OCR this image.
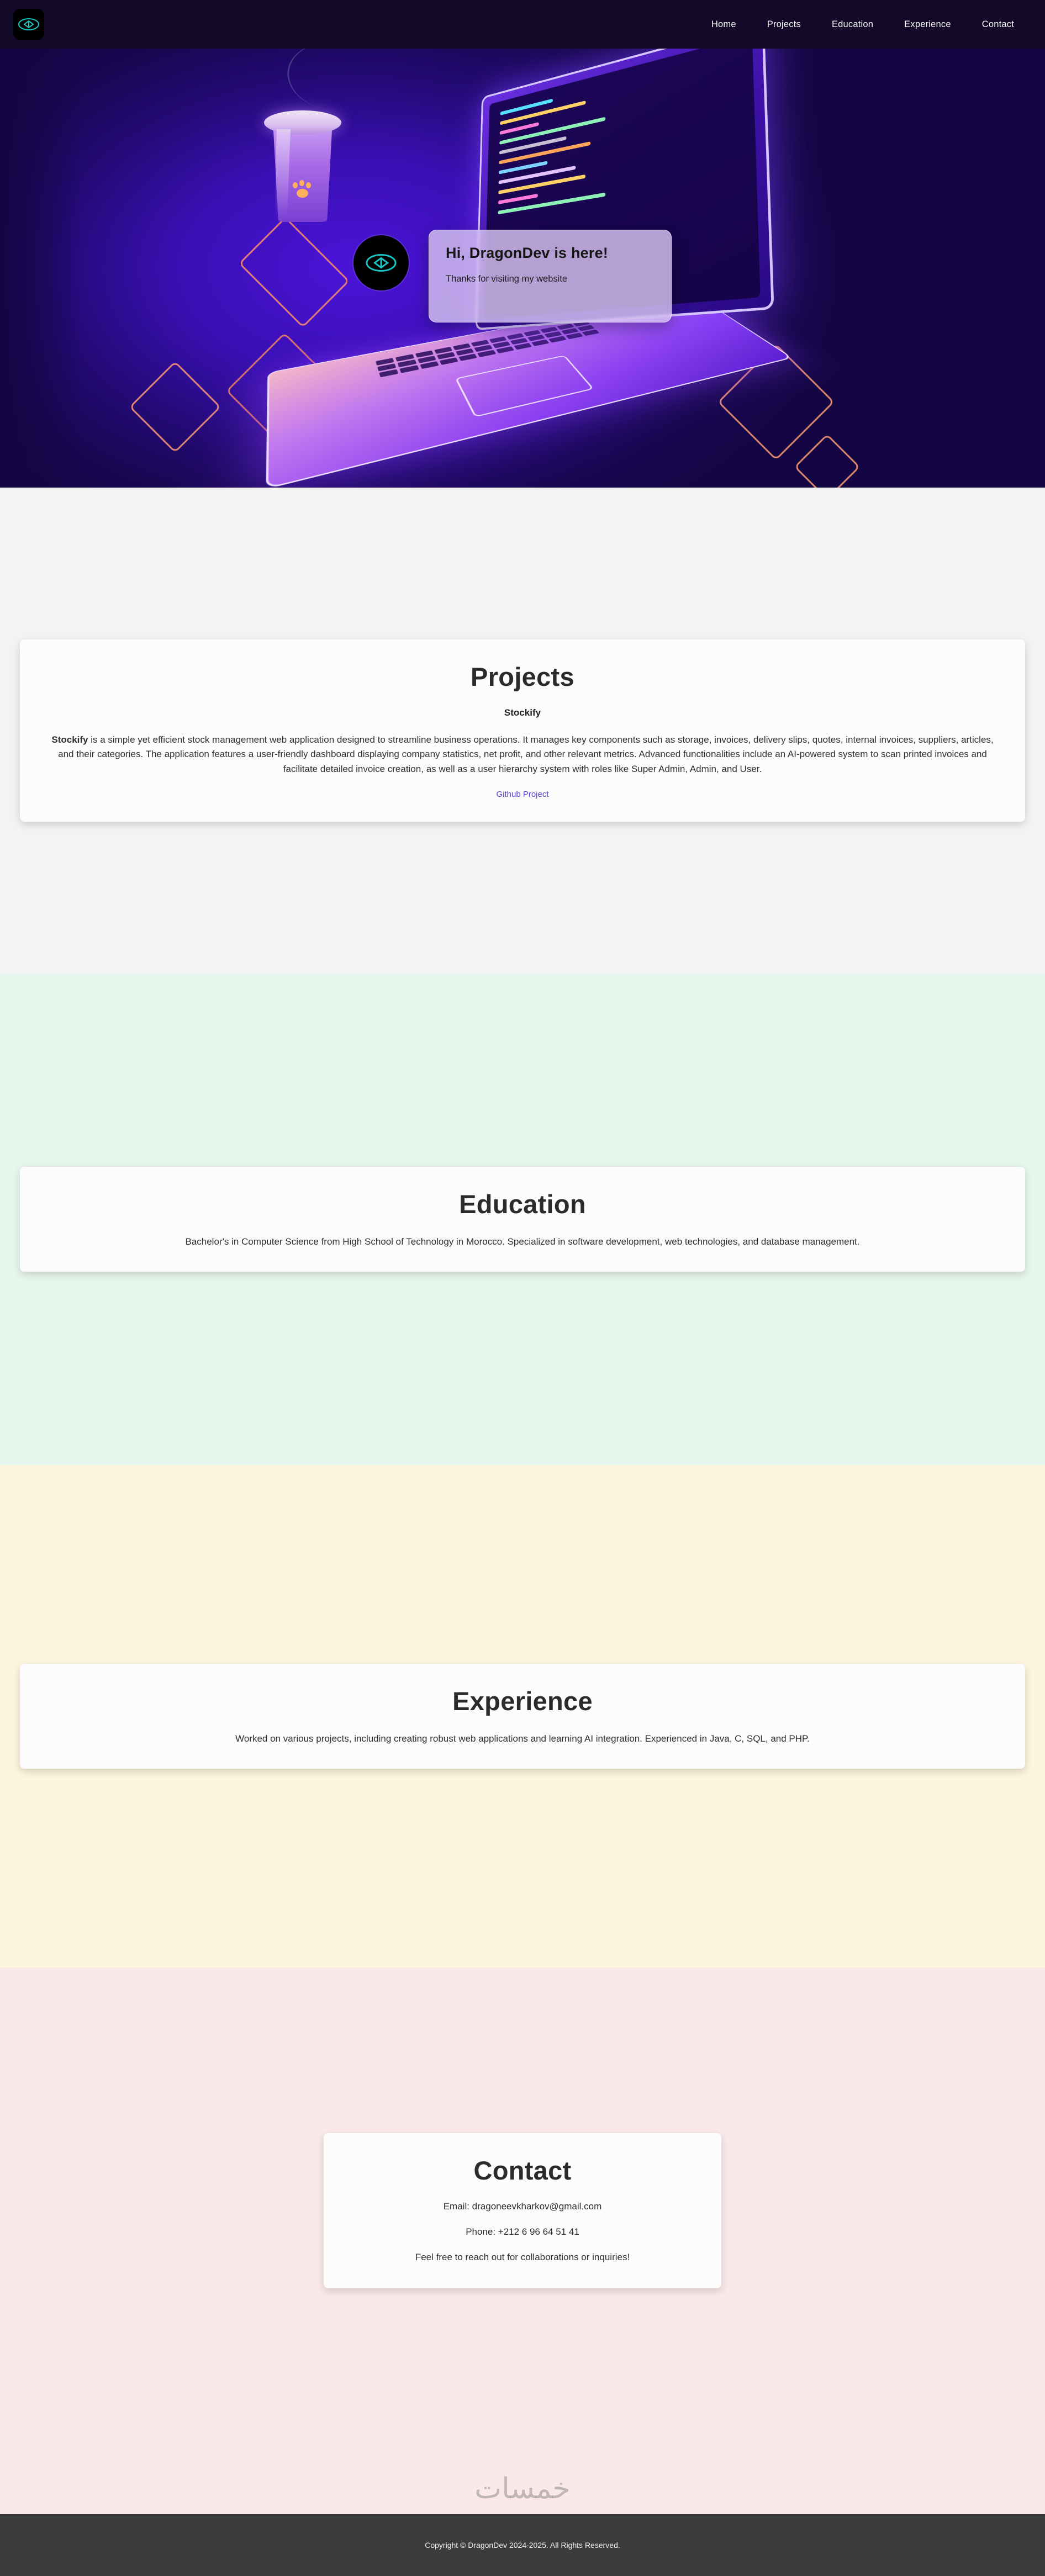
Home	Projects	Education	Experience	Contact
Hi, DragonDev is here!

Thanks for visiting my website

Projects
Stockify

Stockify is a simple yet efficient stock management web application designed to streamline business operations. It manages key components such as storage, invoices, delivery slips, quotes, internal invoices, suppliers, articles, and their categories. The application features a user-friendly dashboard displaying company statistics, net profit, and other relevant metrics. Advanced functionalities include an AI-powered system to scan printed invoices and facilitate detailed invoice creation, as well as a user hierarchy system with roles like Super Admin, Admin, and User.

Github Project
Education

Bachelor's in Computer Science from High School of Technology in Morocco. Specialized in software development, web technologies, and database management.

Experience

Worked on various projects, including creating robust web applications and learning AI integration. Experienced in Java, C, SQL, and PHP.

Contact
Email: dragoneevkharkov@gmail.com
Phone: +212 6 96 64 51 41
Feel free to reach out for collaborations or inquiries!
خمسات
Copyright © DragonDev 2024-2025. All Rights Reserved.
